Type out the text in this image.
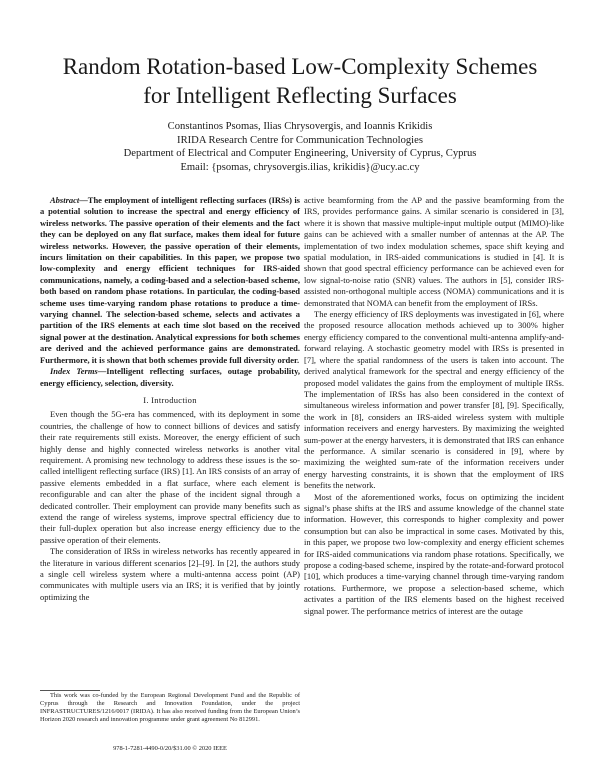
Random Rotation-based Low-Complexity Schemes
for Intelligent Reflecting Surfaces
Constantinos Psomas, Ilias Chrysovergis, and Ioannis Krikidis
IRIDA Research Centre for Communication Technologies
Department of Electrical and Computer Engineering, University of Cyprus, Cyprus
Email: {psomas, chrysovergis.ilias, krikidis}@ucy.ac.cy

Abstract—The employment of intelligent reflecting surfaces (IRSs) is a potential solution to increase the spectral and energy efficiency of wireless networks. The passive operation of their elements and the fact they can be deployed on any flat surface, makes them ideal for future wireless networks. However, the passive operation of their elements, incurs limitation on their capabilities. In this paper, we propose two low-complexity and energy efficient techniques for IRS-aided communications, namely, a coding-based and a selection-based scheme, both based on random phase rotations. In particular, the coding-based scheme uses time-varying random phase rotations to produce a time-varying channel. The selection-based scheme, selects and activates a partition of the IRS elements at each time slot based on the received signal power at the destination. Analytical expressions for both schemes are derived and the achieved performance gains are demonstrated. Furthermore, it is shown that both schemes provide full diversity order.

Index Terms—Intelligent reflecting surfaces, outage probability, energy efficiency, selection, diversity.

I. Introduction

Even though the 5G-era has commenced, with its deployment in some countries, the challenge of how to connect billions of devices and satisfy their rate requirements still exists. Moreover, the energy efficient of such highly dense and highly connected wireless networks is another vital requirement. A promising new technology to address these issues is the so-called intelligent reflecting surface (IRS) [1]. An IRS consists of an array of passive elements embedded in a flat surface, where each element is reconfigurable and can alter the phase of the incident signal through a dedicated controller. Their employment can provide many benefits such as extend the range of wireless systems, improve spectral efficiency due to their full-duplex operation but also increase energy efficiency due to the passive operation of their elements.

The consideration of IRSs in wireless networks has recently appeared in the literature in various different scenarios [2]–[9]. In [2], the authors study a single cell wireless system where a multi-antenna access point (AP) communicates with multiple users via an IRS; it is verified that by jointly optimizing the

active beamforming from the AP and the passive beamforming from the IRS, provides performance gains. A similar scenario is considered in [3], where it is shown that massive multiple-input multiple output (MIMO)-like gains can be achieved with a smaller number of antennas at the AP. The implementation of two index modulation schemes, space shift keying and spatial modulation, in IRS-aided communications is studied in [4]. It is shown that good spectral efficiency performance can be achieved even for low signal-to-noise ratio (SNR) values. The authors in [5], consider IRS-assisted non-orthogonal multiple access (NOMA) communications and it is demonstrated that NOMA can benefit from the employment of IRSs.

The energy efficiency of IRS deployments was investigated in [6], where the proposed resource allocation methods achieved up to 300% higher energy efficiency compared to the conventional multi-antenna amplify-and-forward relaying. A stochastic geometry model with IRSs is presented in [7], where the spatial randomness of the users is taken into account. The derived analytical framework for the spectral and energy efficiency of the proposed model validates the gains from the employment of multiple IRSs. The implementation of IRSs has also been considered in the context of simultaneous wireless information and power transfer [8], [9]. Specifically, the work in [8], considers an IRS-aided wireless system with multiple information receivers and energy harvesters. By maximizing the weighted sum-power at the energy harvesters, it is demonstrated that IRS can enhance the performance. A similar scenario is considered in [9], where by maximizing the weighted sum-rate of the information receivers under energy harvesting constraints, it is shown that the employment of IRS benefits the network.

Most of the aforementioned works, focus on optimizing the incident signal’s phase shifts at the IRS and assume knowledge of the channel state information. However, this corresponds to higher complexity and power consumption but can also be impractical in some cases. Motivated by this, in this paper, we propose two low-complexity and energy efficient schemes for IRS-aided communications via random phase rotations. Specifically, we propose a coding-based scheme, inspired by the rotate-and-forward protocol [10], which produces a time-varying channel through time-varying random rotations. Furthermore, we propose a selection-based scheme, which activates a partition of the IRS elements based on the highest received signal power. The performance metrics of interest are the outage

This work was co-funded by the European Regional Development Fund and the Republic of Cyprus through the Research and Innovation Foundation, under the project INFRASTRUCTURES/1216/0017 (IRIDA). It has also received funding from the European Union’s Horizon 2020 research and innovation programme under grant agreement No 812991.
978-1-7281-4490-0/20/$31.00 © 2020 IEEE
